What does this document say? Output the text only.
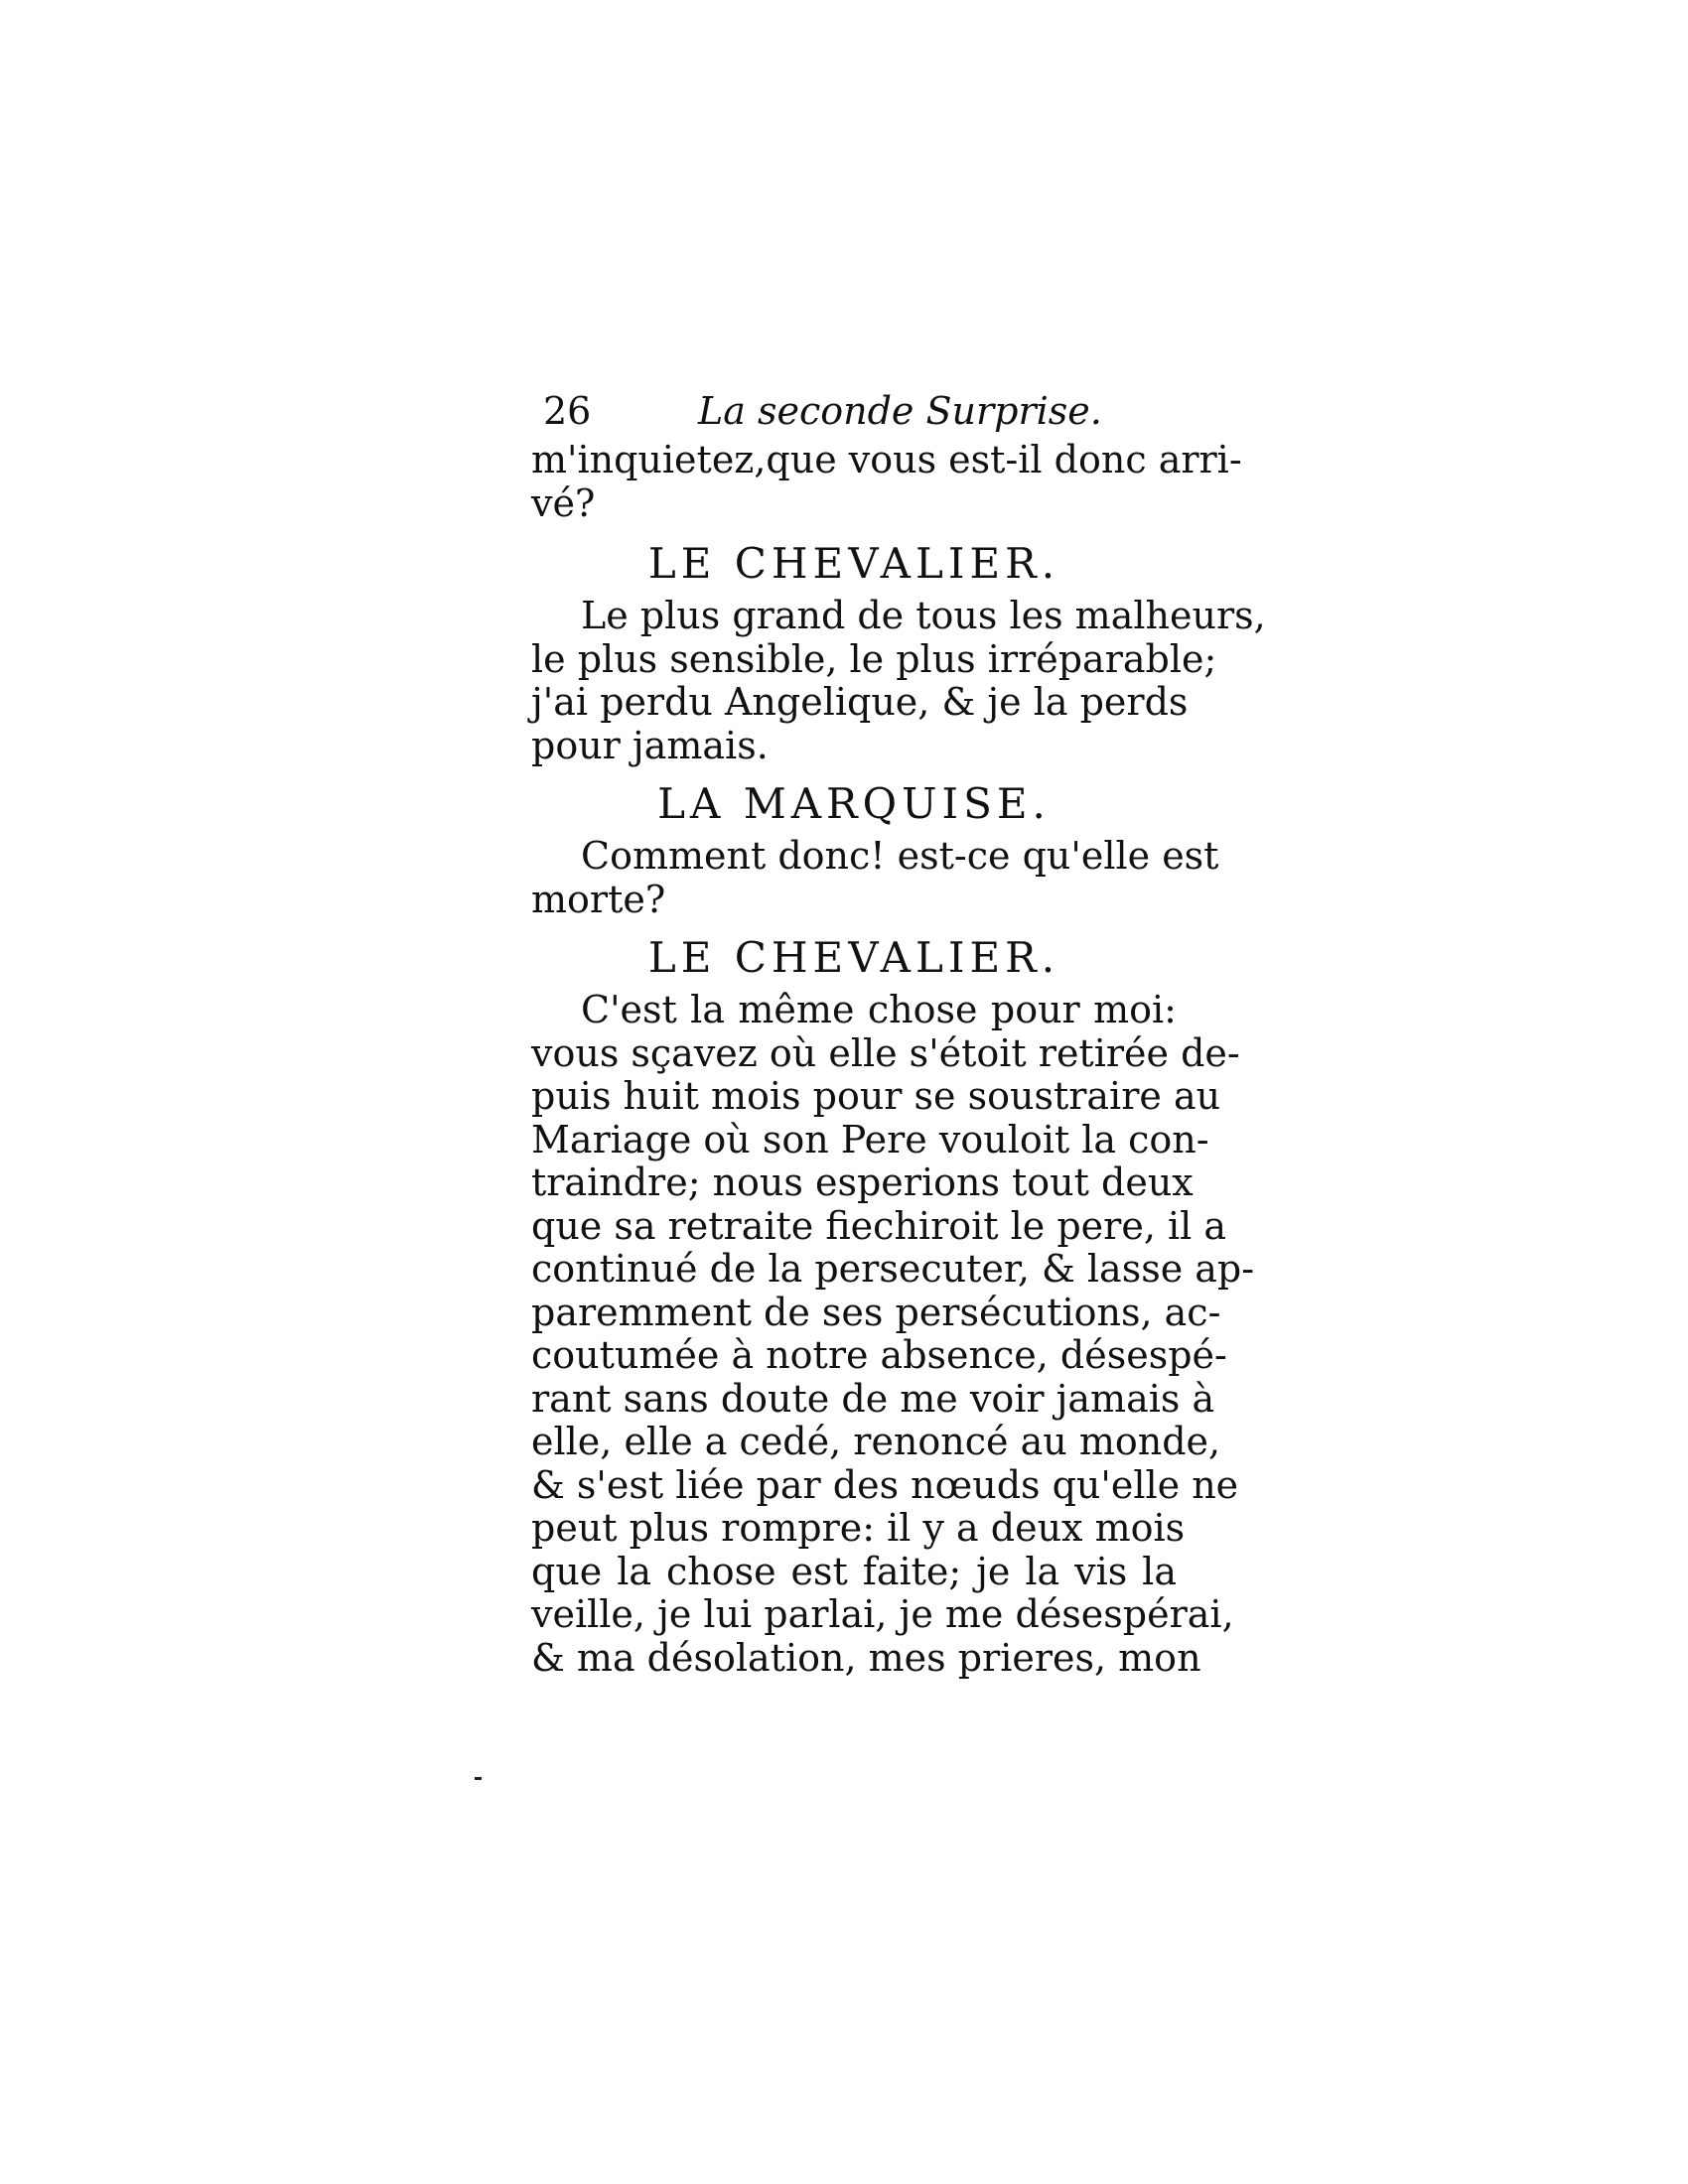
26	La seconde Surprise.
m'inquietez,que vous est-il donc arri-
vé?
LE CHEVALIER.
Le plus grand de tous les malheurs,
le plus sensible, le plus irréparable;
j'ai perdu Angelique, & je la perds
pour jamais.
LA MARQUISE.
Comment donc! est-ce qu'elle est
morte?
LE CHEVALIER.
C'est la même chose pour moi:
vous sçavez où elle s'étoit retirée de-
puis huit mois pour se soustraire au
Mariage où son Pere vouloit la con-
traindre; nous esperions tout deux
que sa retraite fiechiroit le pere, il a
continué de la persecuter, & lasse ap-
paremment de ses persécutions, ac-
coutumée à notre absence, désespé-
rant sans doute de me voir jamais à
elle, elle a cedé, renoncé au monde,
& s'est liée par des nœuds qu'elle ne
peut plus rompre: il y a deux mois
que la chose est faite; je la vis la
veille, je lui parlai, je me désespérai,
& ma désolation, mes prieres, mon
